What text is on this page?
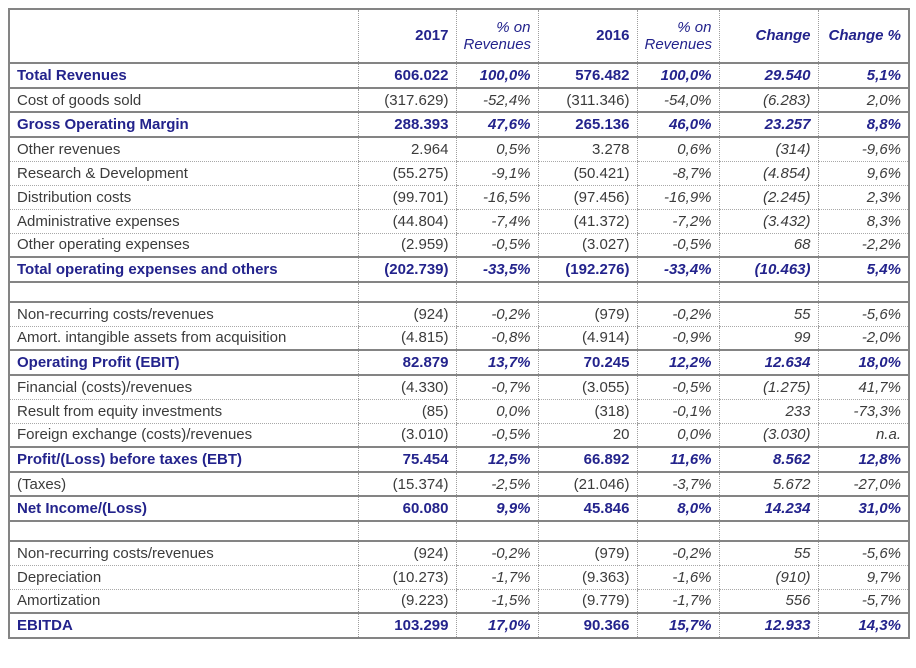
	2017	% on Revenues	2016	% on Revenues	Change	Change %
Total Revenues	606.022	100,0%	576.482	100,0%	29.540	5,1%
Cost of goods sold	(317.629)	-52,4%	(311.346)	-54,0%	(6.283)	2,0%
Gross Operating Margin	288.393	47,6%	265.136	46,0%	23.257	8,8%
Other revenues	2.964	0,5%	3.278	0,6%	(314)	-9,6%
Research & Development	(55.275)	-9,1%	(50.421)	-8,7%	(4.854)	9,6%
Distribution costs	(99.701)	-16,5%	(97.456)	-16,9%	(2.245)	2,3%
Administrative expenses	(44.804)	-7,4%	(41.372)	-7,2%	(3.432)	8,3%
Other operating expenses	(2.959)	-0,5%	(3.027)	-0,5%	68	-2,2%
Total operating expenses and others	(202.739)	-33,5%	(192.276)	-33,4%	(10.463)	5,4%

Non-recurring costs/revenues	(924)	-0,2%	(979)	-0,2%	55	-5,6%
Amort. intangible assets from acquisition	(4.815)	-0,8%	(4.914)	-0,9%	99	-2,0%
Operating Profit (EBIT)	82.879	13,7%	70.245	12,2%	12.634	18,0%
Financial (costs)/revenues	(4.330)	-0,7%	(3.055)	-0,5%	(1.275)	41,7%
Result from equity investments	(85)	0,0%	(318)	-0,1%	233	-73,3%
Foreign exchange (costs)/revenues	(3.010)	-0,5%	20	0,0%	(3.030)	n.a.
Profit/(Loss) before taxes (EBT)	75.454	12,5%	66.892	11,6%	8.562	12,8%
(Taxes)	(15.374)	-2,5%	(21.046)	-3,7%	5.672	-27,0%
Net Income/(Loss)	60.080	9,9%	45.846	8,0%	14.234	31,0%

Non-recurring costs/revenues	(924)	-0,2%	(979)	-0,2%	55	-5,6%
Depreciation	(10.273)	-1,7%	(9.363)	-1,6%	(910)	9,7%
Amortization	(9.223)	-1,5%	(9.779)	-1,7%	556	-5,7%
EBITDA	103.299	17,0%	90.366	15,7%	12.933	14,3%
